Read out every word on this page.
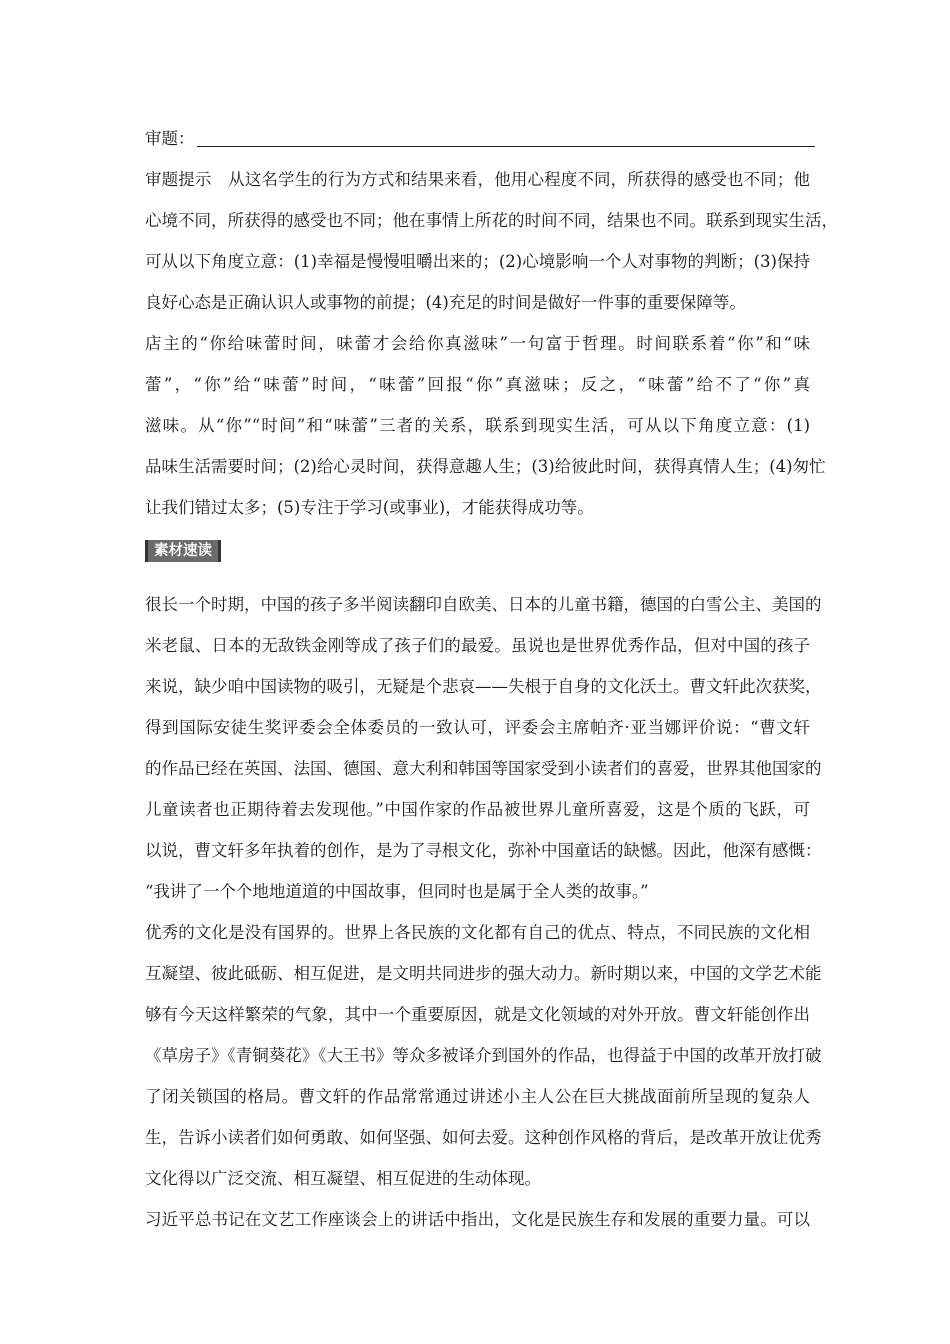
审题：
审题提示　从这名学生的行为方式和结果来看，他用心程度不同，所获得的感受也不同；他
心境不同，所获得的感受也不同；他在事情上所花的时间不同，结果也不同。联系到现实生活，
可从以下角度立意：(1)幸福是慢慢咀嚼出来的；(2)心境影响一个人对事物的判断；(3)保持
良好心态是正确认识人或事物的前提；(4)充足的时间是做好一件事的重要保障等。
店主的“你给味蕾时间，味蕾才会给你真滋味”一句富于哲理。时间联系着“你”和“味
蕾”，“你”给“味蕾”时间，“味蕾”回报“你”真滋味；反之，“味蕾”给不了“你”真
滋味。从“你”“时间”和“味蕾”三者的关系，联系到现实生活，可从以下角度立意：(1)
品味生活需要时间；(2)给心灵时间，获得意趣人生；(3)给彼此时间，获得真情人生；(4)匆忙
让我们错过太多；(5)专注于学习(或事业)，才能获得成功等。
素材速读
很长一个时期，中国的孩子多半阅读翻印自欧美、日本的儿童书籍，德国的白雪公主、美国的
米老鼠、日本的无敌铁金刚等成了孩子们的最爱。虽说也是世界优秀作品，但对中国的孩子
来说，缺少咱中国读物的吸引，无疑是个悲哀——失根于自身的文化沃土。曹文轩此次获奖，
得到国际安徒生奖评委会全体委员的一致认可，评委会主席帕齐·亚当娜评价说：“曹文轩
的作品已经在英国、法国、德国、意大利和韩国等国家受到小读者们的喜爱，世界其他国家的
儿童读者也正期待着去发现他。”中国作家的作品被世界儿童所喜爱，这是个质的飞跃，可
以说，曹文轩多年执着的创作，是为了寻根文化，弥补中国童话的缺憾。因此，他深有感慨：
“我讲了一个个地地道道的中国故事，但同时也是属于全人类的故事。”
优秀的文化是没有国界的。世界上各民族的文化都有自己的优点、特点，不同民族的文化相
互凝望、彼此砥砺、相互促进，是文明共同进步的强大动力。新时期以来，中国的文学艺术能
够有今天这样繁荣的气象，其中一个重要原因，就是文化领域的对外开放。曹文轩能创作出
《草房子》《青铜葵花》《大王书》等众多被译介到国外的作品，也得益于中国的改革开放打破
了闭关锁国的格局。曹文轩的作品常常通过讲述小主人公在巨大挑战面前所呈现的复杂人
生，告诉小读者们如何勇敢、如何坚强、如何去爱。这种创作风格的背后，是改革开放让优秀
文化得以广泛交流、相互凝望、相互促进的生动体现。
习近平总书记在文艺工作座谈会上的讲话中指出，文化是民族生存和发展的重要力量。可以
